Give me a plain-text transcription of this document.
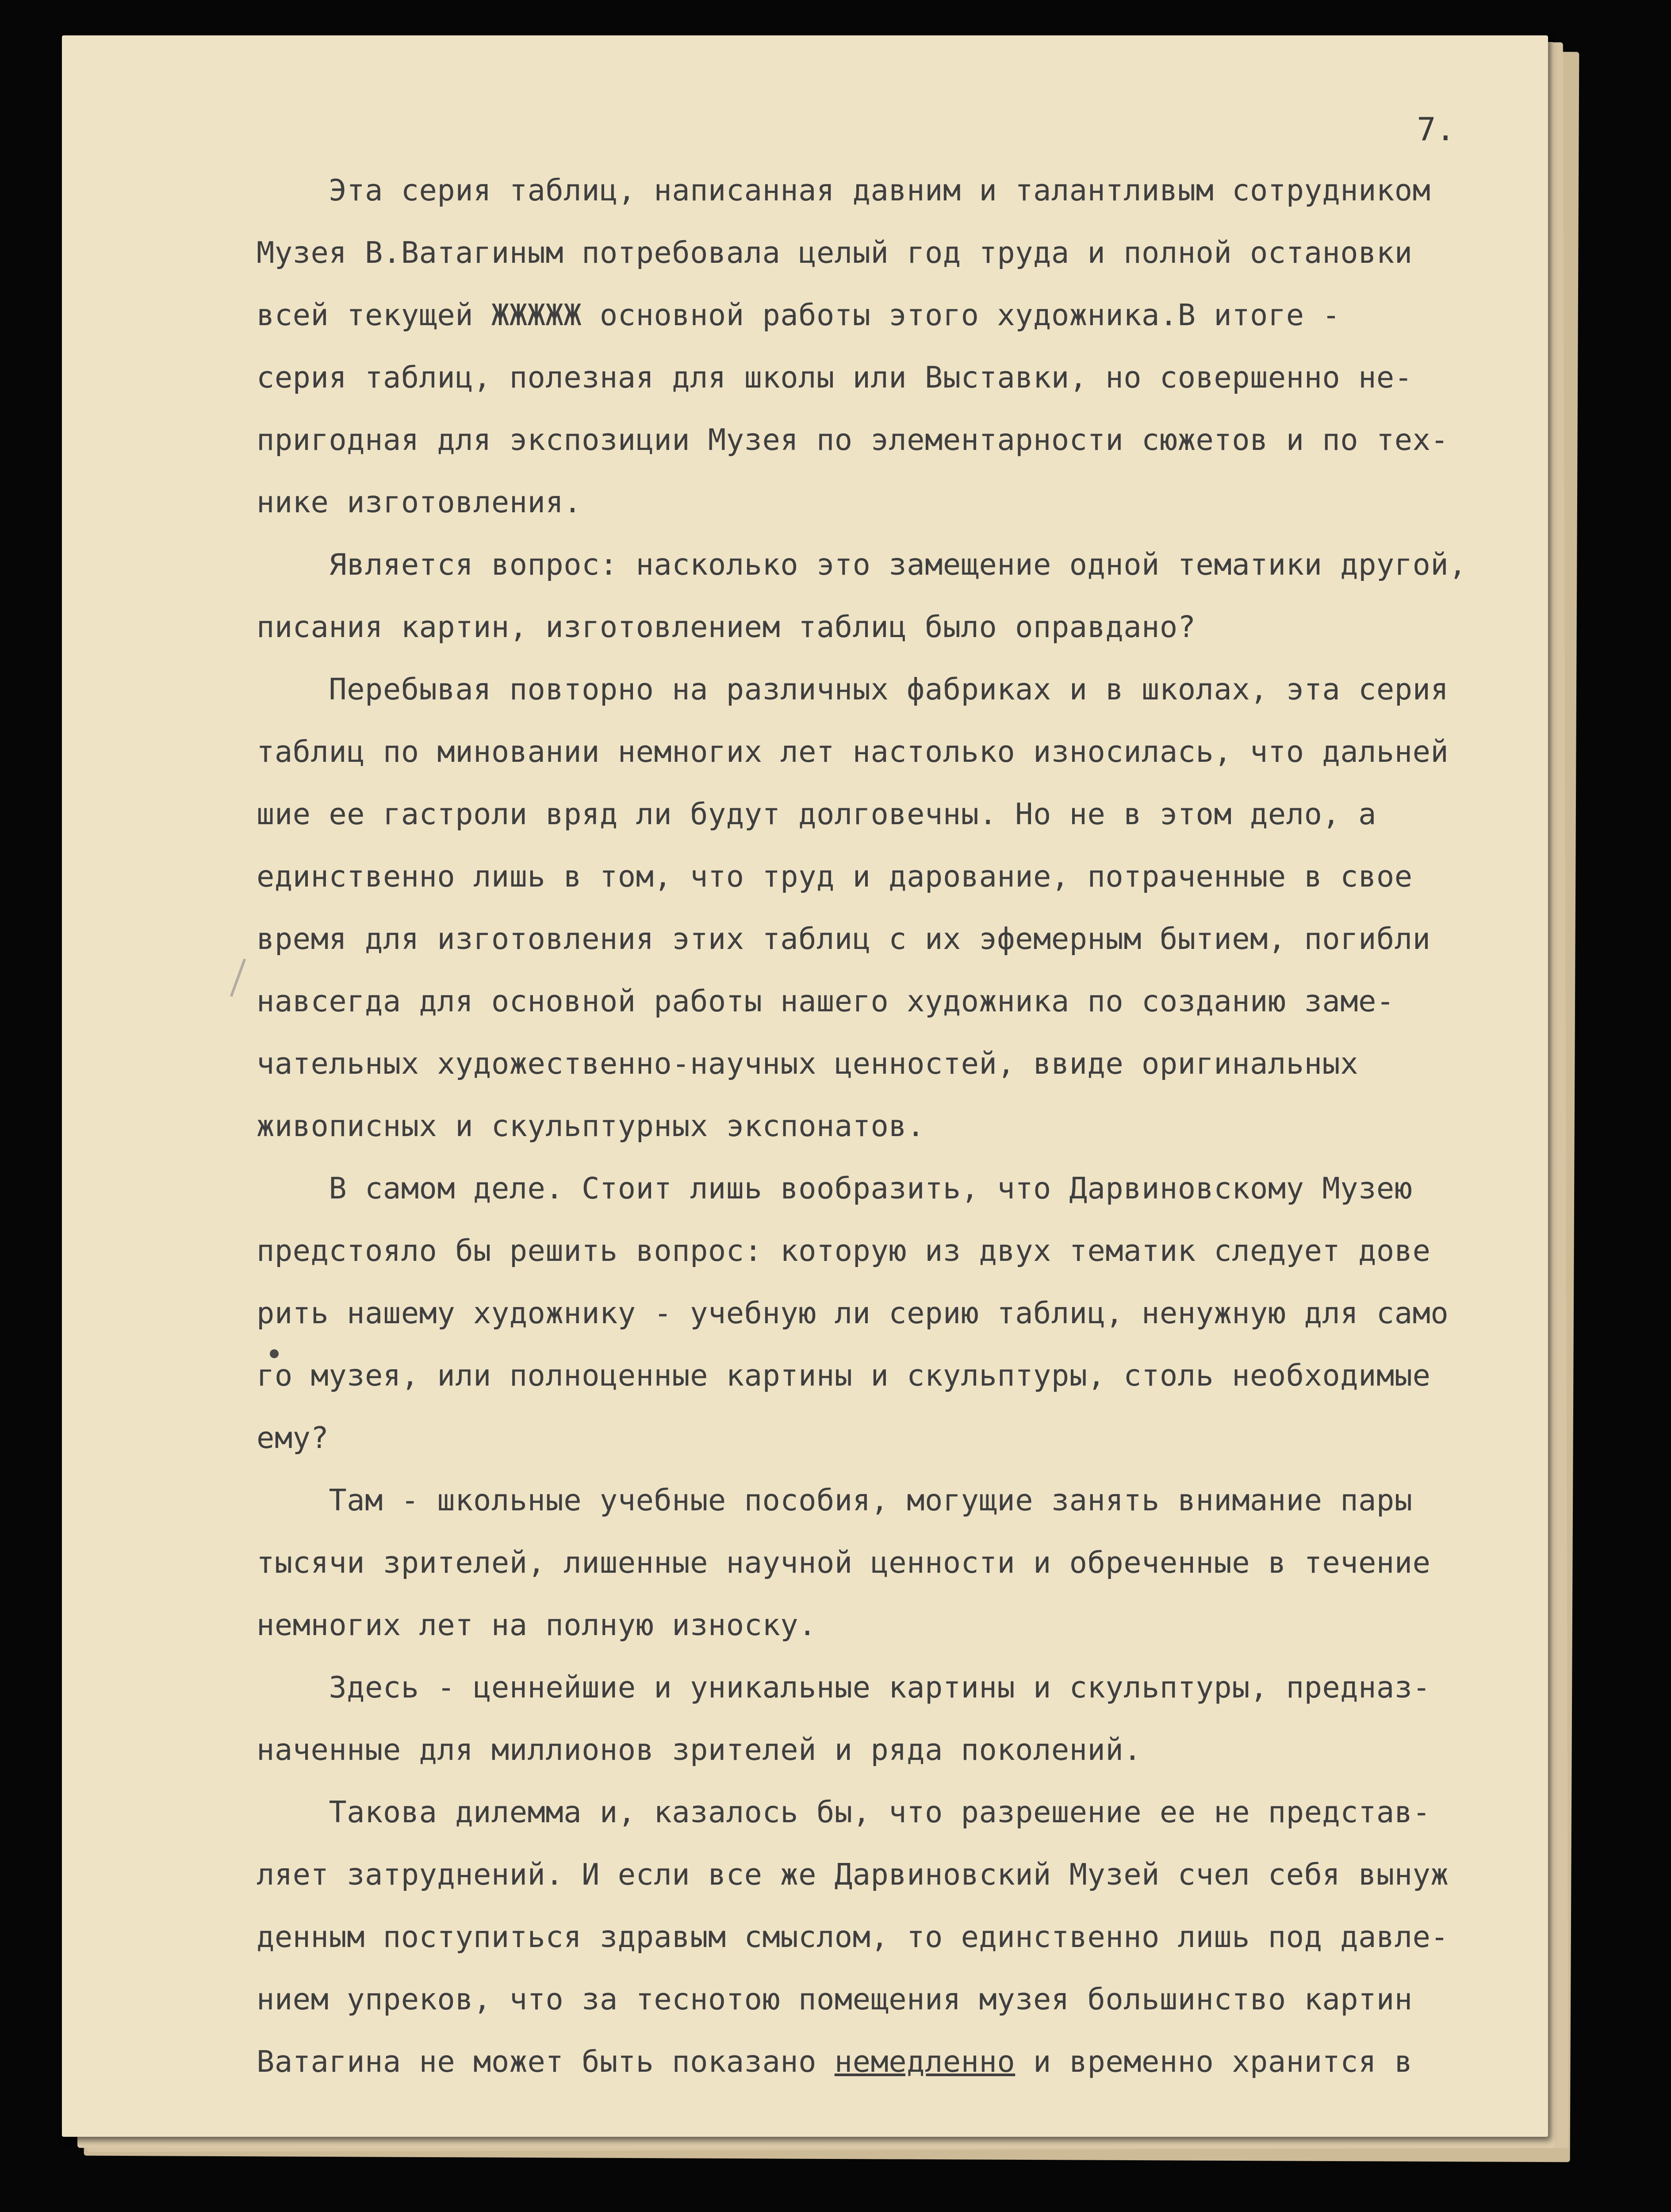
7.
Эта серия таблиц, написанная давним и талантливым сотрудником
Музея В.Ватагиным потребовала целый год труда и полной остановки
всей текущей ЖЖЖЖЖ основной работы этого художника.В итоге -
серия таблиц, полезная для школы или Выставки, но совершенно не-
пригодная для экспозиции Музея по элементарности сюжетов и по тех-
нике изготовления.
Является вопрос: насколько это замещение одной тематики другой,
писания картин, изготовлением таблиц было оправдано?
Перебывая повторно на различных фабриках и в школах, эта серия
таблиц по миновании немногих лет настолько износилась, что дальней
шие ее гастроли вряд ли будут долговечны. Но не в этом дело, а
единственно лишь в том, что труд и дарование, потраченные в свое
время для изготовления этих таблиц с их эфемерным бытием, погибли
навсегда для основной работы нашего художника по созданию заме-
чательных художественно-научных ценностей, ввиде оригинальных
живописных и скульптурных экспонатов.
В самом деле. Стоит лишь вообразить, что Дарвиновскому Музею
предстояло бы решить вопрос: которую из двух тематик следует дове
рить нашему художнику - учебную ли серию таблиц, ненужную для само
го музея, или полноценные картины и скульптуры, столь необходимые
ему?
Там - школьные учебные пособия, могущие занять внимание пары
тысячи зрителей, лишенные научной ценности и обреченные в течение
немногих лет на полную износку.
Здесь - ценнейшие и уникальные картины и скульптуры, предназ-
наченные для миллионов зрителей и ряда поколений.
Такова дилемма и, казалось бы, что разрешение ее не представ-
ляет затруднений. И если все же Дарвиновский Музей счел себя вынуж
денным поступиться здравым смыслом, то единственно лишь под давле-
нием упреков, что за теснотою помещения музея большинство картин
Ватагина не может быть показано немедленно и временно хранится в
